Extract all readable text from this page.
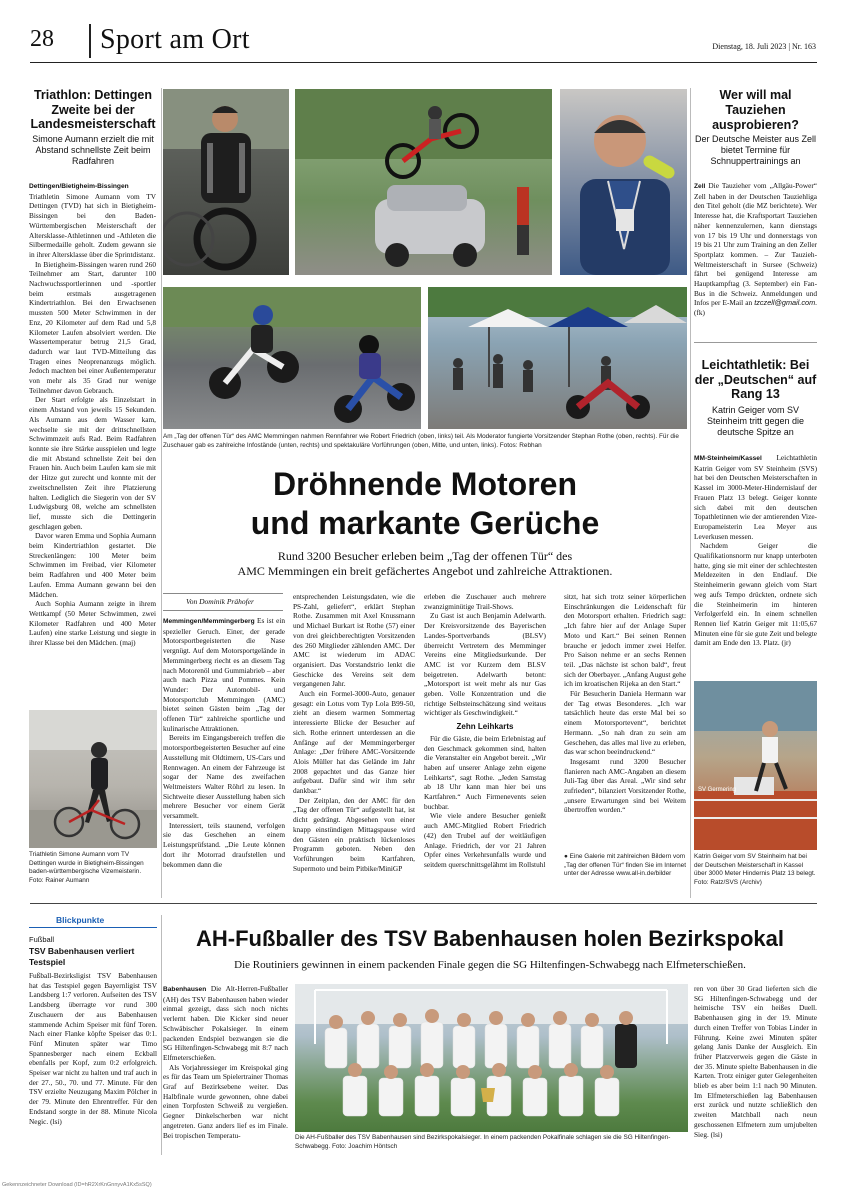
28 Sport am Ort	Dienstag, 18. Juli 2023 | Nr. 163
Triathlon: Dettingen Zweite bei der Landesmeisterschaft
Simone Aumann erzielt die mit Abstand schnellste Zeit beim Radfahren

Dettingen/Bietigheim-Bissingen Triathletin Simone Aumann vom TV Dettingen (TVD) hat sich in Bietigheim-Bissingen bei den Baden-Württembergischen Meisterschaft der Altersklasse-Athletinnen und -Athleten die Silbermedaille geholt. Zudem gewann sie in ihrer Altersklasse über die Sprintdistanz.

In Bietigheim-Bissingen waren rund 260 Teilnehmer am Start, darunter 100 Nachwuchssportlerinnen und -sportler beim erstmals ausgetragenen Kindertriathlon. Bei den Erwachsenen mussten 500 Meter Schwimmen in der Enz, 20 Kilometer auf dem Rad und 5,8 Kilometer Laufen absolviert werden. Die Wassertemperatur betrug 21,5 Grad, dadurch war laut TVD-Mitteilung das Tragen eines Neoprenanzugs möglich. Jedoch machten bei einer Außentemperatur von mehr als 35 Grad nur wenige Teilnehmer davon Gebrauch.

Der Start erfolgte als Einzelstart in einem Abstand von jeweils 15 Sekunden. Als Aumann aus dem Wasser kam, wechselte sie mit der drittschnellsten Schwimmzeit aufs Rad. Beim Radfahren konnte sie ihre Stärke ausspielen und legte die mit Abstand schnellste Zeit bei den Frauen hin. Auch beim Laufen kam sie mit der Hitze gut zurecht und konnte mit der zweitschnellsten Zeit ihre Platzierung halten. Lediglich die Siegerin von der SV Ludwigsburg 08, welche am schnellsten lief, musste sich die Dettingerin geschlagen geben.

Davor waren Emma und Sophia Aumann beim Kindertriathlon gestartet. Die Streckenlängen: 100 Meter beim Schwimmen im Freibad, vier Kilometer beim Radfahren und 400 Meter beim Laufen. Emma Aumann gewann bei den Mädchen.

Auch Sophia Aumann zeigte in ihrem Wettkampf (50 Meter Schwimmen, zwei Kilometer Radfahren und 400 Meter Laufen) eine starke Leistung und siegte in ihrer Klasse bei den Mädchen. (maj)

Triathletin Simone Aumann vom TV Dettingen wurde in Bietigheim-Bissingen baden-württembergische Vizemeisterin. Foto: Rainer Aumann
Am „Tag der offenen Tür“ des AMC Memmingen nahmen Rennfahrer wie Robert Friedrich (oben, links) teil. Als Moderator fungierte Vorsitzender Stephan Rothe (oben, rechts). Für die Zuschauer gab es zahlreiche Infostände (unten, rechts) und spektakuläre Vorführungen (oben, Mitte, und unten, links). Fotos: Rebhan
Dröhnende Motoren
und markante Gerüche
Rund 3200 Besucher erleben beim „Tag der offenen Tür“ des
AMC Memmingen ein breit gefächertes Angebot und zahlreiche Attraktionen.
Von Dominik Prähofer

Memmingen/Memmingerberg Es ist ein spezieller Geruch. Einer, der gerade Motorsportbegeisterten die Nase vergnügt. Auf dem Motorsportgelände in Memmingerberg riecht es an diesem Tag nach Motorenöl und Gummiabrieb – aber auch nach Pizza und Pommes. Kein Wunder: Der Automobil- und Motorsportclub Memmingen (AMC) bietet seinen Gästen beim „Tag der offenen Tür“ zahlreiche sportliche und kulinarische Attraktionen.

Bereits im Eingangsbereich treffen die motorsportbegeisterten Besucher auf eine Ausstellung mit Oldtimern, US-Cars und Rennwagen. An einem der Fahrzeuge ist sogar der Name des zweifachen Weltmeisters Walter Röhrl zu lesen. In Sichtweite dieser Ausstellung haben sich mehrere Besucher vor einem Gerät versammelt.

Interessiert, teils staunend, verfolgen sie das Geschehen an einem Leistungsprüfstand. „Die Leute können dort ihr Motorrad draufstellen und bekommen dann die

entsprechenden Leistungsdaten, wie die PS-Zahl, geliefert“, erklärt Stephan Rothe. Zusammen mit Axel Knussmann und Michael Burkart ist Rothe (57) einer von drei gleichberechtigten Vorsitzenden des 260 Mitglieder zählenden AMC. Der AMC ist wiederum im ADAC organisiert. Das Vorstandstrio lenkt die Geschicke des Vereins seit dem vergangenen Jahr.

Auch ein Formel-3000-Auto, genauer gesagt: ein Lotus vom Typ Lola B99-50, zieht an diesem warmen Sommertag interessierte Blicke der Besucher auf sich. Rothe erinnert unterdessen an die Anfänge auf der Memmingerberger Anlage: „Der frühere AMC-Vorsitzende Alois Müller hat das Gelände im Jahr 2008 gepachtet und das Ganze hier aufgebaut. Dafür sind wir ihm sehr dankbar.“

Der Zeitplan, den der AMC für den „Tag der offenen Tür“ aufgestellt hat, ist dicht gedrängt. Abgesehen von einer knapp einstündigen Mittagspause wird den Gästen ein praktisch lückenloses Programm geboten. Neben den Vorführungen beim Kartfahren, Supermoto und beim Pitbike/MiniGP

erleben die Zuschauer auch mehrere zwanzigminütige Trail-Shows.

Zu Gast ist auch Benjamin Adelwarth. Der Kreisvorsitzende des Bayerischen Landes-Sportverbands (BLSV) überreicht Vertretern des Memminger Vereins eine Mitgliedsurkunde. Der AMC ist vor Kurzem dem BLSV beigetreten. Adelwarth betont: „Motorsport ist weit mehr als nur Gas geben. Volle Konzentration und die richtige Selbsteinschätzung sind weitaus wichtiger als Geschwindigkeit.“

Zehn Leihkarts

Für die Gäste, die beim Erlebnistag auf den Geschmack gekommen sind, halten die Veranstalter ein Angebot bereit. „Wir haben auf unserer Anlage zehn eigene Leihkarts“, sagt Rothe. „Jeden Samstag ab 18 Uhr kann man hier bei uns Kartfahren.“ Auch Firmenevents seien buchbar.

Wie viele andere Besucher genießt auch AMC-Mitglied Robert Friedrich (42) den Trubel auf der weitläufigen Anlage. Friedrich, der vor 21 Jahren Opfer eines Verkehrsunfalls wurde und seitdem querschnittsgelähmt im Rollstuhl

sitzt, hat sich trotz seiner körperlichen Einschränkungen die Leidenschaft für den Motorsport erhalten. Friedrich sagt: „Ich fahre hier auf der Anlage Super Moto und Kart.“ Bei seinen Rennen brauche er jedoch immer zwei Helfer. Pro Saison nehme er an sechs Rennen teil. „Das nächste ist schon bald“, freut sich der Oberbayer. „Anfang August gehe ich im kroatischen Rijeka an den Start.“

Für Besucherin Daniela Hermann war der Tag etwas Besonderes. „Ich war tatsächlich heute das erste Mal bei so einem Motorsportevent“, berichtet Hermann. „So nah dran zu sein am Geschehen, das alles mal live zu erleben, das war schon beeindruckend.“

Insgesamt rund 3200 Besucher flanieren nach AMC-Angaben an diesem Juli-Tag über das Areal. „Wir sind sehr zufrieden“, bilanziert Vorsitzender Rothe, „unsere Erwartungen sind bei Weitem übertroffen worden.“

● Eine Galerie mit zahlreichen Bildern vom „Tag der offenen Tür“ finden Sie im Internet unter der Adresse www.all-in.de/bilder
Wer will mal Tauziehen ausprobieren?
Der Deutsche Meister aus Zell bietet Termine für Schnuppertrainings an

Zell Die Tauzieher vom „Allgäu-Power“ Zell haben in der Deutschen Tauziehliga den Titel geholt (die MZ berichtete). Wer Interesse hat, die Kraftsportart Tauziehen näher kennenzulernen, kann dienstags von 17 bis 19 Uhr und donnerstags von 19 bis 21 Uhr zum Training an den Zeller Sportplatz kommen. – Zur Tauzieh-Weltmeisterschaft in Sursee (Schweiz) fährt bei genügend Interesse am Hauptkampftag (3. September) ein Fan-Bus in die Schweiz. Anmeldungen und Infos per E-Mail an tzczell@gmail.com. (fk)

Leichtathletik: Bei der „Deutschen“ auf Rang 13
Katrin Geiger vom SV Steinheim tritt gegen die deutsche Spitze an

MM-Steinheim/Kassel Leichtathletin Katrin Geiger vom SV Steinheim (SVS) hat bei den Deutschen Meisterschaften in Kassel im 3000-Meter-Hindernislauf der Frauen Platz 13 belegt. Geiger konnte sich dabei mit den deutschen Topathletinnen wie der amtierenden Vize-Europameisterin Lea Meyer aus Leverkusen messen.

Nachdem Geiger die Qualifikationsnorm nur knapp unterboten hatte, ging sie mit einer der schlechtesten Meldezeiten in den Endlauf. Die Steinheimerin gewann gleich vom Start weg aufs Tempo drückten, ordnete sich die Steinheimerin im hinteren Verfolgerfeld ein. In einem schnellen Rennen lief Katrin Geiger mit 11:05,67 Minuten eine für sie gute Zeit und belegte damit am Ende den 13. Platz. (jr)

SV Germering
Katrin Geiger vom SV Steinheim hat bei der Deutschen Meisterschaft in Kassel über 3000 Meter Hindernis Platz 13 belegt. Foto: Ratz/SVS (Archiv)
Blickpunkte
Fußball
TSV Babenhausen verliert Testspiel
Fußball-Bezirksligist TSV Babenhausen hat das Testspiel gegen Bayernligist TSV Landsberg 1:7 verloren. Aufseiten des TSV Landsberg überragte vor rund 300 Zuschauern der aus Babenhausen stammende Achim Speiser mit fünf Toren. Nach einer Flanke köpfte Speiser das 0:1. Fünf Minuten später war Timo Spannesberger nach einem Eckball ebenfalls per Kopf, zum 0:2 erfolgreich. Speiser war nicht zu halten und traf auch in der 27., 50., 70. und 77. Minute. Für den TSV erzielte Neuzugang Maxim Pölcher in der 79. Minute den Ehrentreffer. Für den Endstand sorgte in der 88. Minute Nicola Negic. (lsi)
AH-Fußballer des TSV Babenhausen holen Bezirkspokal
Die Routiniers gewinnen in einem packenden Finale gegen die SG Hiltenfingen-Schwabegg nach Elfmeterschießen.

Babenhausen Die Alt-Herren-Fußballer (AH) des TSV Babenhausen haben wieder einmal gezeigt, dass sich noch nichts verlernt haben. Die Kicker sind neuer Schwäbischer Pokalsieger. In einem packenden Endspiel bezwangen sie die SG Hiltenfingen-Schwabegg mit 8:7 nach Elfmeterschießen.

Als Vorjahressieger im Kreispokal ging es für das Team um Spielertrainer Thomas Graf auf Bezirksebene weiter. Das Halbfinale wurde gewonnen, ohne dabei einen Torpfosten Schweiß zu vergießen. Gegner Dinkelscherben war nicht angetreten. Ganz anders lief es im Finale. Bei tropischen Temperatu-	Die AH-Fußballer des TSV Babenhausen sind Bezirkspokalsieger. In einem packenden Pokalfinale schlagen sie die SG Hiltenfingen-Schwabegg. Foto: Joachim Höntsch
ren von über 30 Grad lieferten sich die SG Hiltenfingen-Schwabegg und der heimische TSV ein heißes Duell. Babenhausen ging in der 19. Minute durch einen Treffer von Tobias Linder in Führung. Keine zwei Minuten später gelang Janis Danke der Ausgleich. Ein früher Platzverweis gegen die Gäste in der 35. Minute spielte Babenhausen in die Karten. Trotz einiger guter Gelegenheiten blieb es aber beim 1:1 nach 90 Minuten. Im Elfmeterschießen lag Babenhausen erst zurück und nutzte schließlich den zweiten Matchball nach neun geschossenen Elfmetern zum umjubelten Sieg. (lsi)
Gekennzeichneter Download (ID=hR2XrKnGnnyvA1Kx5sSQ)
